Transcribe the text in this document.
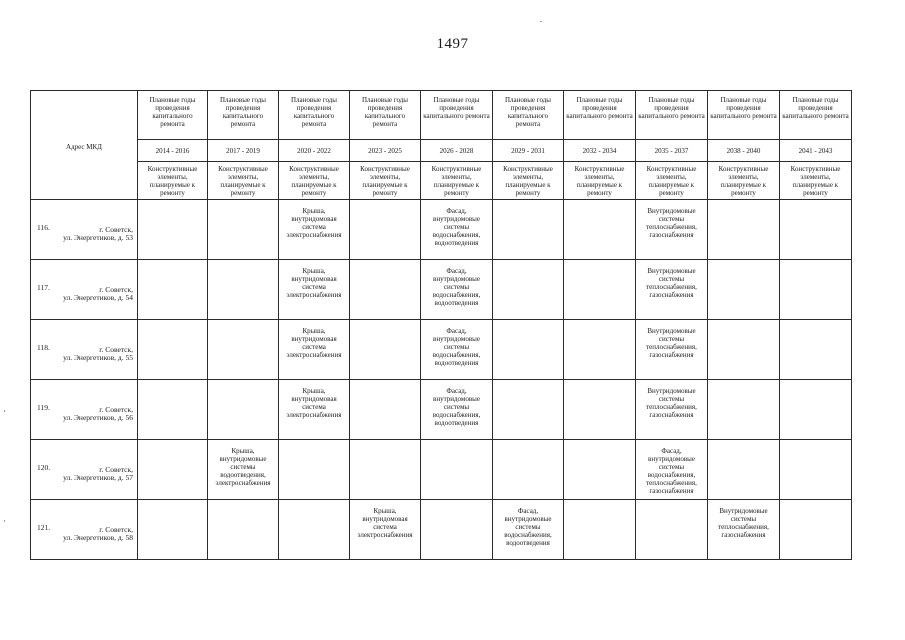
1497
Адрес МКД	Плановые годы проведения капитального ремонта	Плановые годы проведения капитального ремонта	Плановые годы проведения капитального ремонта	Плановые годы проведения капитального ремонта	Плановые годы проведения капитального ремонта	Плановые годы проведения капитального ремонта	Плановые годы проведения капитального ремонта	Плановые годы проведения капитального ремонта	Плановые годы проведения капитального ремонта	Плановые годы проведения капитального ремонта
	2014 - 2016	2017 - 2019	2020 - 2022	2023 - 2025	2026 - 2028	2029 - 2031	2032 - 2034	2035 - 2037	2038 - 2040	2041 - 2043
	Конструктивные элементы, планируемые к ремонту	Конструктивные элементы, планируемые к ремонту	Конструктивные элементы, планируемые к ремонту	Конструктивные элементы, планируемые к ремонту	Конструктивные элементы, планируемые к ремонту	Конструктивные элементы, планируемые к ремонту	Конструктивные элементы, планируемые к ремонту	Конструктивные элементы, планируемые к ремонту	Конструктивные элементы, планируемые к ремонту	Конструктивные элементы, планируемые к ремонту
116. г. Советск,
ул. Энергетиков, д. 53			Крыша, внутридомовая система электроснабжения		Фасад, внутридомовые системы водоснабжения, водоотведения			Внутридомовые системы теплоснабжения, газоснабжения		
117. г. Советск,
ул. Энергетиков, д. 54			Крыша, внутридомовая система электроснабжения		Фасад, внутридомовые системы водоснабжения, водоотведения			Внутридомовые системы теплоснабжения, газоснабжения		
118. г. Советск,
ул. Энергетиков, д. 55			Крыша, внутридомовая система электроснабжения		Фасад, внутридомовые системы водоснабжения, водоотведения			Внутридомовые системы теплоснабжения, газоснабжения		
119. г. Советск,
ул. Энергетиков, д. 56			Крыша, внутридомовая система электроснабжения		Фасад, внутридомовые системы водоснабжения, водоотведения			Внутридомовые системы теплоснабжения, газоснабжения		
120. г. Советск,
ул. Энергетиков, д. 57		Крыша, внутридомовые системы водоотведения, электроснабжения						Фасад, внутридомовые системы водоснабжения, теплоснабжения, газоснабжения		
121. г. Советск,
ул. Энергетиков, д. 58				Крыша, внутридомовая система электроснабжения		Фасад, внутридомовые системы водоснабжения, водоотведения			Внутридомовые системы теплоснабжения, газоснабжения	
